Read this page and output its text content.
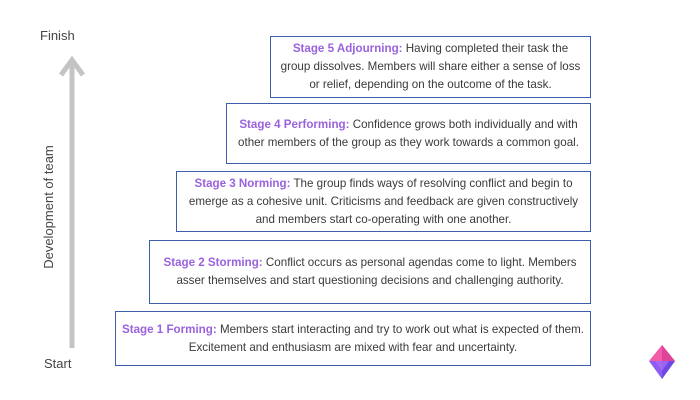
Finish
Development of team
Start
Stage 5 Adjourning: Having completed their task the group dissolves. Members will share either a sense of loss or relief, depending on the outcome of the task.
Stage 4 Performing: Confidence grows both individually and with other members of the group as they work towards a common goal.
Stage 3 Norming: The group finds ways of resolving conflict and begin to emerge as a cohesive unit. Criticisms and feedback are given constructively and members start co-operating with one another.
Stage 2 Storming: Conflict occurs as personal agendas come to light. Members asser themselves and start questioning decisions and challenging authority.
Stage 1 Forming: Members start interacting and try to work out what is expected of them. Excitement and enthusiasm are mixed with fear and uncertainty.
